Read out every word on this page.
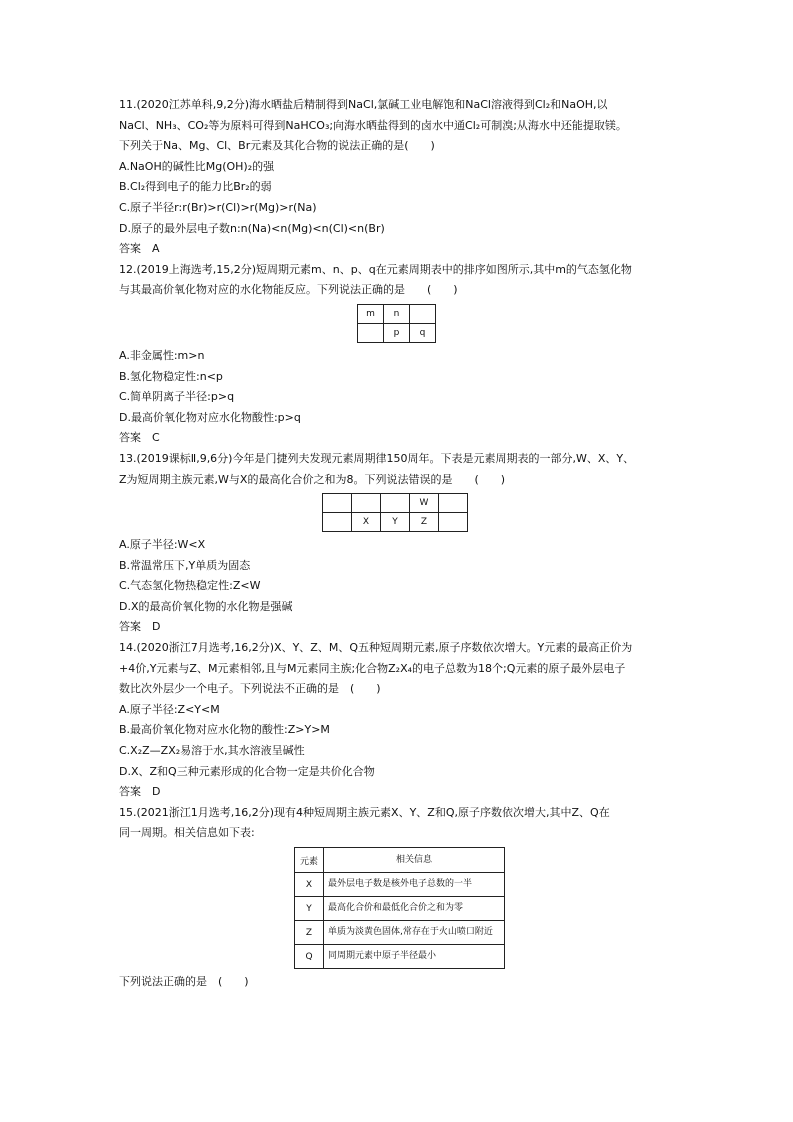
11.(2020江苏单科,9,2分)海水晒盐后精制得到NaCl,氯碱工业电解饱和NaCl溶液得到Cl₂和NaOH,以
NaCl、NH₃、CO₂等为原料可得到NaHCO₃;向海水晒盐得到的卤水中通Cl₂可制溴;从海水中还能提取镁。
下列关于Na、Mg、Cl、Br元素及其化合物的说法正确的是(　　)
A.NaOH的碱性比Mg(OH)₂的强
B.Cl₂得到电子的能力比Br₂的弱
C.原子半径r:r(Br)>r(Cl)>r(Mg)>r(Na)
D.原子的最外层电子数n:n(Na)<n(Mg)<n(Cl)<n(Br)
答案　A
12.(2019上海选考,15,2分)短周期元素m、n、p、q在元素周期表中的排序如图所示,其中m的气态氢化物
与其最高价氧化物对应的水化物能反应。下列说法正确的是　　(　　)
m	n	
	p	q
A.非金属性:m>n
B.氢化物稳定性:n<p
C.简单阴离子半径:p>q
D.最高价氧化物对应水化物酸性:p>q
答案　C
13.(2019课标Ⅱ,9,6分)今年是门捷列夫发现元素周期律150周年。下表是元素周期表的一部分,W、X、Y、
Z为短周期主族元素,W与X的最高化合价之和为8。下列说法错误的是　　(　　)
			W	
	X	Y	Z	
A.原子半径:W<X
B.常温常压下,Y单质为固态
C.气态氢化物热稳定性:Z<W
D.X的最高价氧化物的水化物是强碱
答案　D
14.(2020浙江7月选考,16,2分)X、Y、Z、M、Q五种短周期元素,原子序数依次增大。Y元素的最高正价为
+4价,Y元素与Z、M元素相邻,且与M元素同主族;化合物Z₂X₄的电子总数为18个;Q元素的原子最外层电子
数比次外层少一个电子。下列说法不正确的是　(　　)
A.原子半径:Z<Y<M
B.最高价氧化物对应水化物的酸性:Z>Y>M
C.X₂Z—ZX₂易溶于水,其水溶液呈碱性
D.X、Z和Q三种元素形成的化合物一定是共价化合物
答案　D
15.(2021浙江1月选考,16,2分)现有4种短周期主族元素X、Y、Z和Q,原子序数依次增大,其中Z、Q在
同一周期。相关信息如下表:
元素	相关信息
X	最外层电子数是核外电子总数的一半
Y	最高化合价和最低化合价之和为零
Z	单质为淡黄色固体,常存在于火山喷口附近
Q	同周期元素中原子半径最小
下列说法正确的是　(　　)
